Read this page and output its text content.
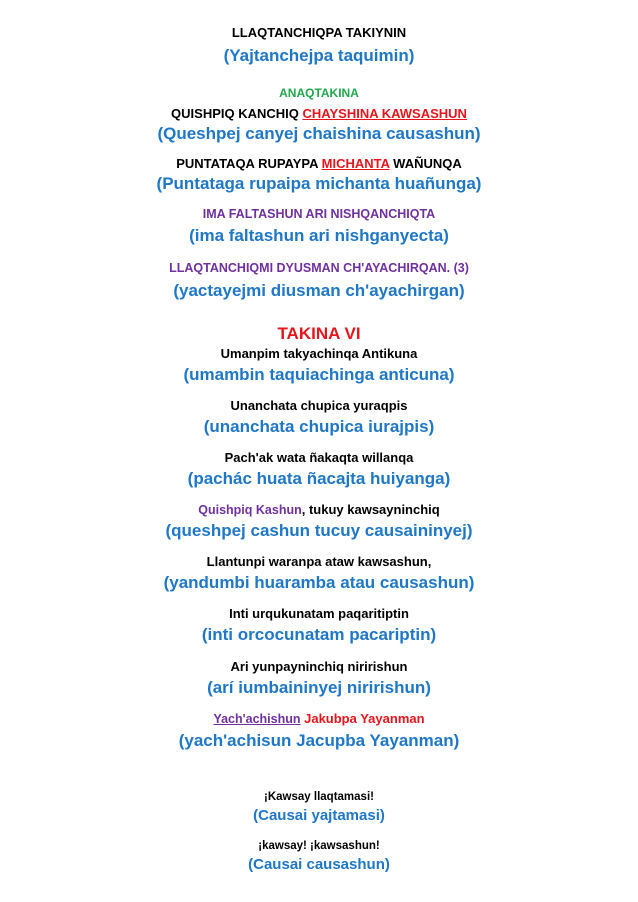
LLAQTANCHIQPA TAKIYNIN

(Yajtanchejpa taquimin)

ANAQTAKINA

QUISHPIQ KANCHIQ CHAYSHINA KAWSASHUN

(Queshpej canyej chaishina causashun)

PUNTATAQA RUPAYPA MICHANTA WAÑUNQA

(Puntataga rupaipa michanta huañunga)

IMA FALTASHUN ARI NISHQANCHIQTA

(ima faltashun ari nishganyecta)

LLAQTANCHIQMI DYUSMAN CH'AYACHIRQAN. (3)

(yactayejmi diusman ch'ayachirgan)

TAKINA VI

Umanpim takyachinqa Antikuna

(umambin taquiachinga anticuna)

Unanchata chupica yuraqpis

(unanchata chupica iurajpis)

Pach'ak wata ñakaqta willanqa

(pachác huata ñacajta huiyanga)

Quishpiq Kashun, tukuy kawsayninchiq

(queshpej cashun tucuy causaininyej)

Llantunpi waranpa ataw kawsashun,

(yandumbi huaramba atau causashun)

Inti urqukunatam paqaritiptin

(inti orcocunatam pacariptin)

Ari yunpayninchiq niririshun

(arí iumbaininyej niririshun)

Yach'achishun Jakubpa Yayanman

(yach'achisun Jacupba Yayanman)

¡Kawsay llaqtamasi!

(Causai yajtamasi)

¡kawsay! ¡kawsashun!

(Causai causashun)
